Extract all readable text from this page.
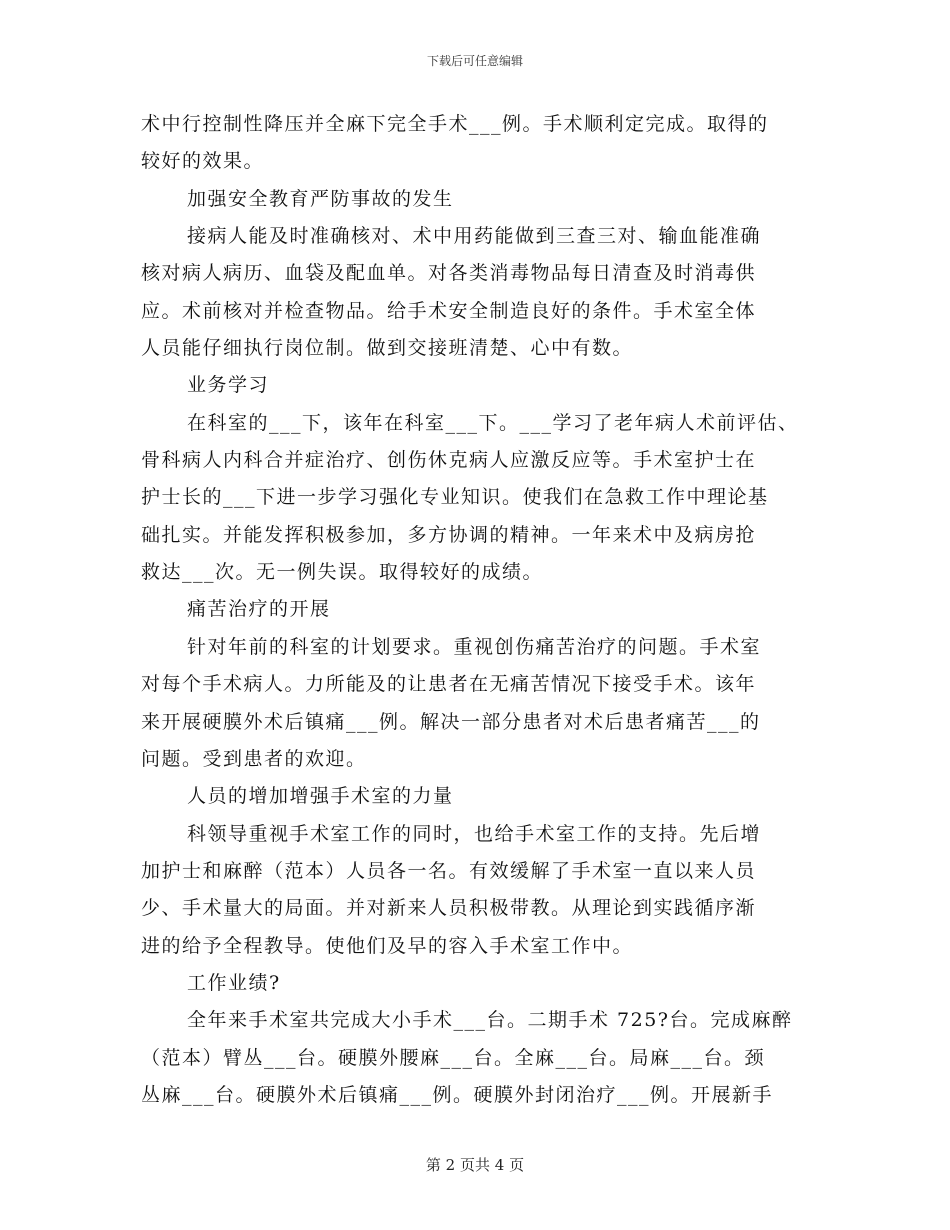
下载后可任意编辑
术中行控制性降压并全麻下完全手术___例。手术顺利定完成。取得的
较好的效果。
加强安全教育严防事故的发生
接病人能及时准确核对、术中用药能做到三查三对、输血能准确
核对病人病历、血袋及配血单。对各类消毒物品每日清查及时消毒供
应。术前核对并检查物品。给手术安全制造良好的条件。手术室全体
人员能仔细执行岗位制。做到交接班清楚、心中有数。
业务学习
在科室的___下，该年在科室___下。___学习了老年病人术前评估、
骨科病人内科合并症治疗、创伤休克病人应激反应等。手术室护士在
护士长的___下进一步学习强化专业知识。使我们在急救工作中理论基
础扎实。并能发挥积极参加，多方协调的精神。一年来术中及病房抢
救达___次。无一例失误。取得较好的成绩。
痛苦治疗的开展
针对年前的科室的计划要求。重视创伤痛苦治疗的问题。手术室
对每个手术病人。力所能及的让患者在无痛苦情况下接受手术。该年
来开展硬膜外术后镇痛___例。解决一部分患者对术后患者痛苦___的
问题。受到患者的欢迎。
人员的增加增强手术室的力量
科领导重视手术室工作的同时，也给手术室工作的支持。先后增
加护士和麻醉（范本）人员各一名。有效缓解了手术室一直以来人员
少、手术量大的局面。并对新来人员积极带教。从理论到实践循序渐
进的给予全程教导。使他们及早的容入手术室工作中。
工作业绩?
全年来手术室共完成大小手术___台。二期手术 725?台。完成麻醉
（范本）臂丛___台。硬膜外腰麻___台。全麻___台。局麻___台。颈
丛麻___台。硬膜外术后镇痛___例。硬膜外封闭治疗___例。开展新手
第 2 页共 4 页
